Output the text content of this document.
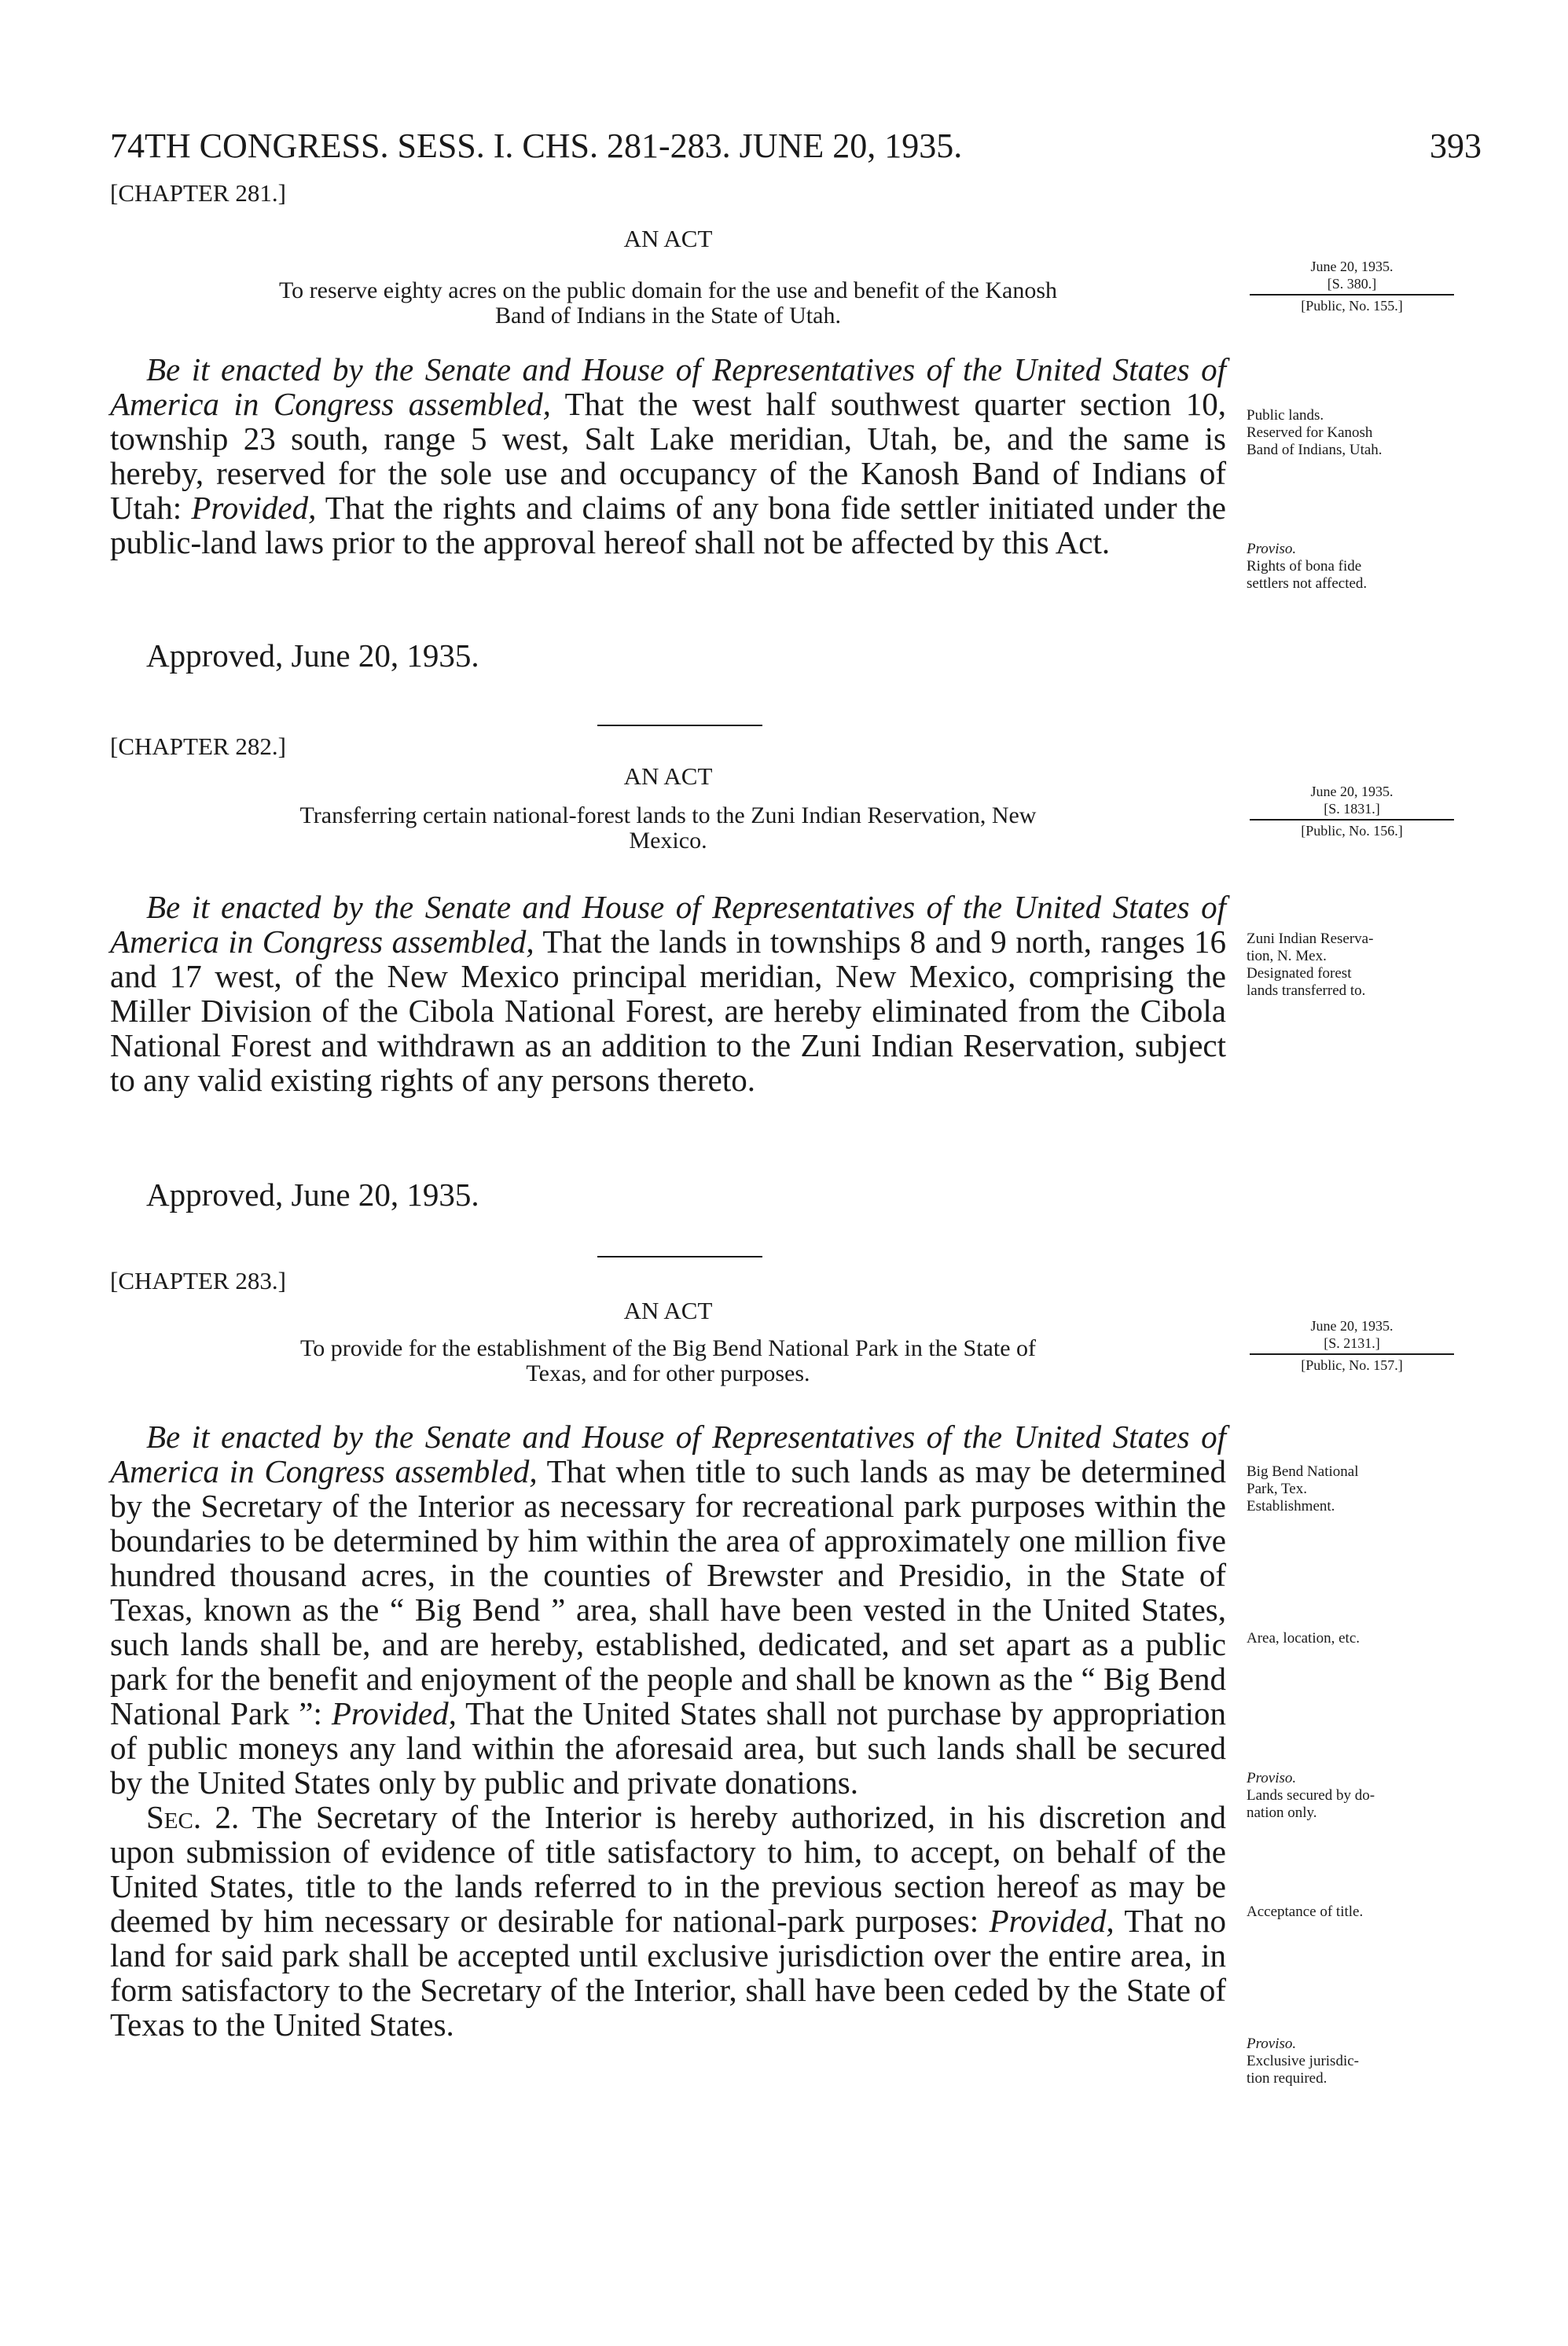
74TH CONGRESS. SESS. I. CHS. 281-283. JUNE 20, 1935.	393
[CHAPTER 281.]
AN ACT
To reserve eighty acres on the public domain for the use and benefit of the Kanosh
Band of Indians in the State of Utah.
June 20, 1935.
[S. 380.]
[Public, No. 155.]

Be it enacted by the Senate and House of Representatives of the United States of America in Congress assembled, That the west half southwest quarter section 10, township 23 south, range 5 west, Salt Lake meridian, Utah, be, and the same is hereby, reserved for the sole use and occupancy of the Kanosh Band of Indians of Utah: Provided, That the rights and claims of any bona fide settler initiated under the public-land laws prior to the approval hereof shall not be affected by this Act.

Approved, June 20, 1935.
Public lands.
Reserved for Kanosh
Band of Indians, Utah.
Proviso.
Rights of bona fide
settlers not affected.
[CHAPTER 282.]
AN ACT
Transferring certain national-forest lands to the Zuni Indian Reservation, New
Mexico.
June 20, 1935.
[S. 1831.]
[Public, No. 156.]

Be it enacted by the Senate and House of Representatives of the United States of America in Congress assembled, That the lands in townships 8 and 9 north, ranges 16 and 17 west, of the New Mexico principal meridian, New Mexico, comprising the Miller Division of the Cibola National Forest, are hereby eliminated from the Cibola National Forest and withdrawn as an addition to the Zuni Indian Reservation, subject to any valid existing rights of any persons thereto.

Approved, June 20, 1935.
Zuni Indian Reserva-
tion, N. Mex.
Designated forest
lands transferred to.
[CHAPTER 283.]
AN ACT
To provide for the establishment of the Big Bend National Park in the State of
Texas, and for other purposes.
June 20, 1935.
[S. 2131.]
[Public, No. 157.]

Be it enacted by the Senate and House of Representatives of the United States of America in Congress assembled, That when title to such lands as may be determined by the Secretary of the Interior as necessary for recreational park purposes within the boundaries to be determined by him within the area of approximately one million five hundred thousand acres, in the counties of Brewster and Presidio, in the State of Texas, known as the “ Big Bend ” area, shall have been vested in the United States, such lands shall be, and are hereby, established, dedicated, and set apart as a public park for the benefit and enjoyment of the people and shall be known as the “ Big Bend National Park ”: Provided, That the United States shall not purchase by appropriation of public moneys any land within the aforesaid area, but such lands shall be secured by the United States only by public and private donations.

Sec. 2. The Secretary of the Interior is hereby authorized, in his discretion and upon submission of evidence of title satisfactory to him, to accept, on behalf of the United States, title to the lands referred to in the previous section hereof as may be deemed by him necessary or desirable for national-park purposes: Provided, That no land for said park shall be accepted until exclusive jurisdiction over the entire area, in form satisfactory to the Secretary of the Interior, shall have been ceded by the State of Texas to the United States.

Big Bend National
Park, Tex.
Establishment.
Area, location, etc.
Proviso.
Lands secured by do-
nation only.
Acceptance of title.
Proviso.
Exclusive jurisdic-
tion required.
